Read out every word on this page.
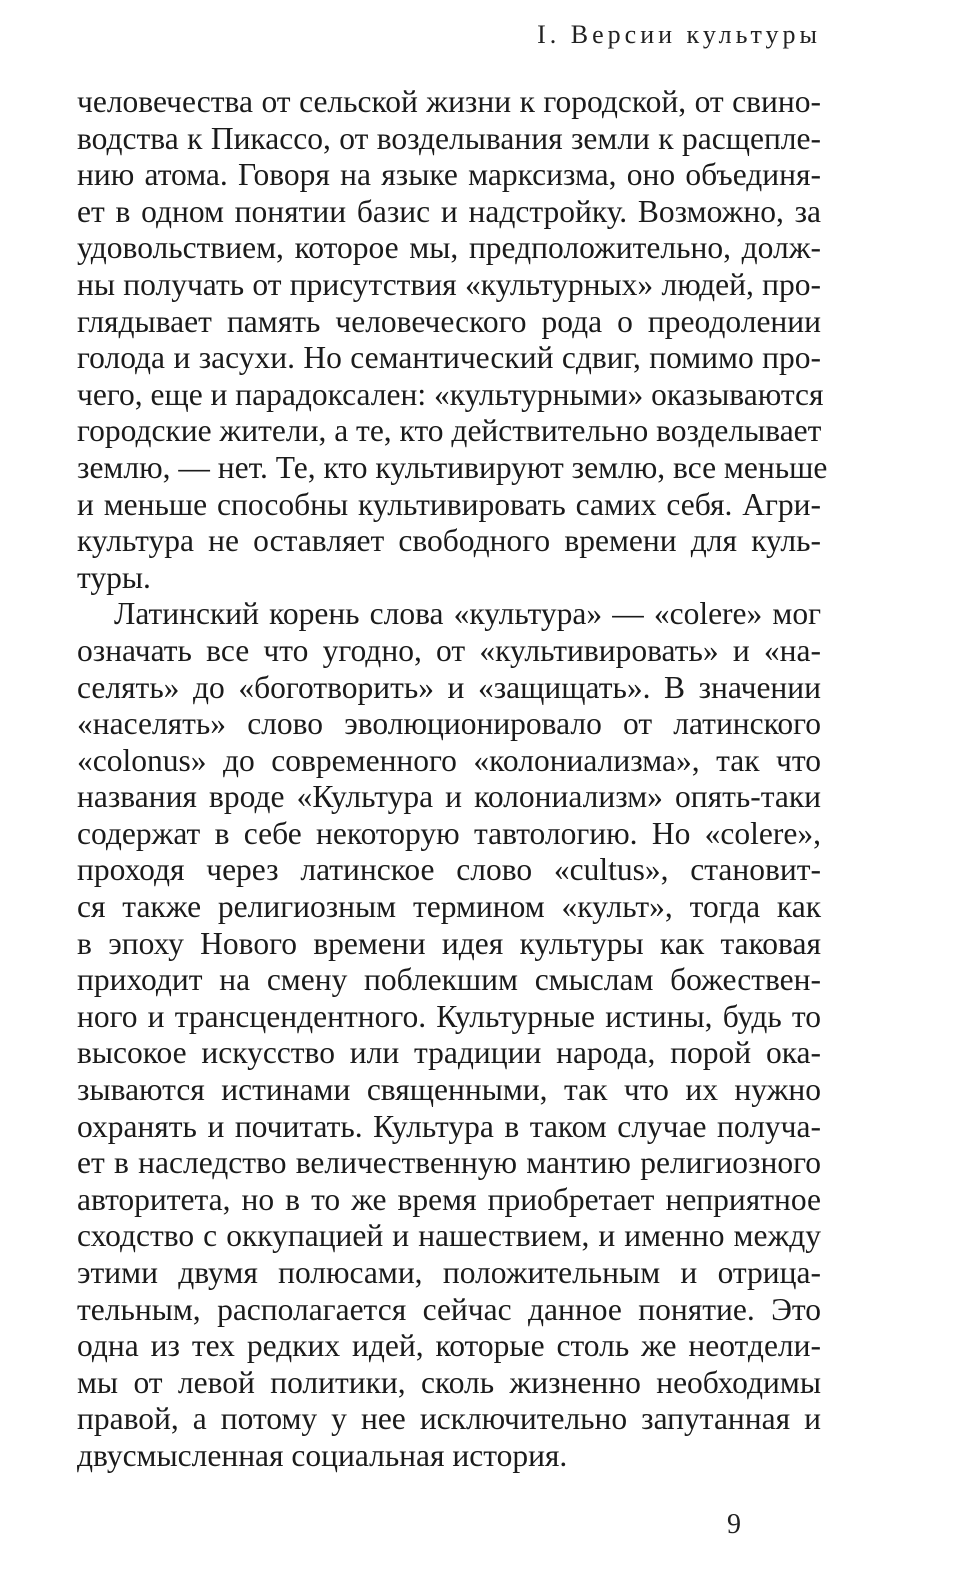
I. Версии культуры
человечества от сельской жизни к городской, от свино-
водства к Пикассо, от возделывания земли к расщепле-
нию атома. Говоря на языке марксизма, оно объединя-
ет в одном понятии базис и надстройку. Возможно, за
удовольствием, которое мы, предположительно, долж-
ны получать от присутствия «культурных» людей, про-
глядывает память человеческого рода о преодолении
голода и засухи. Но семантический сдвиг, помимо про-
чего, еще и парадоксален: «культурными» оказываются
городские жители, а те, кто действительно возделывает
землю, — нет. Те, кто культивируют землю, все меньше
и меньше способны культивировать самих себя. Агри-
культура не оставляет свободного времени для куль-
туры.
Латинский корень слова «культура» — «colere» мог
означать все что угодно, от «культивировать» и «на-
селять» до «боготворить» и «защищать». В значении
«населять» слово эволюционировало от латинского
«colonus» до современного «колониализма», так что
названия вроде «Культура и колониализм» опять-таки
содержат в себе некоторую тавтологию. Но «colere»,
проходя через латинское слово «cultus», становит-
ся также религиозным термином «культ», тогда как
в эпоху Нового времени идея культуры как таковая
приходит на смену поблекшим смыслам божествен-
ного и трансцендентного. Культурные истины, будь то
высокое искусство или традиции народа, порой ока-
зываются истинами священными, так что их нужно
охранять и почитать. Культура в таком случае получа-
ет в наследство величественную мантию религиозного
авторитета, но в то же время приобретает неприятное
сходство с оккупацией и нашествием, и именно между
этими двумя полюсами, положительным и отрица-
тельным, располагается сейчас данное понятие. Это
одна из тех редких идей, которые столь же неотдели-
мы от левой политики, сколь жизненно необходимы
правой, а потому у нее исключительно запутанная и
двусмысленная социальная история.
9
